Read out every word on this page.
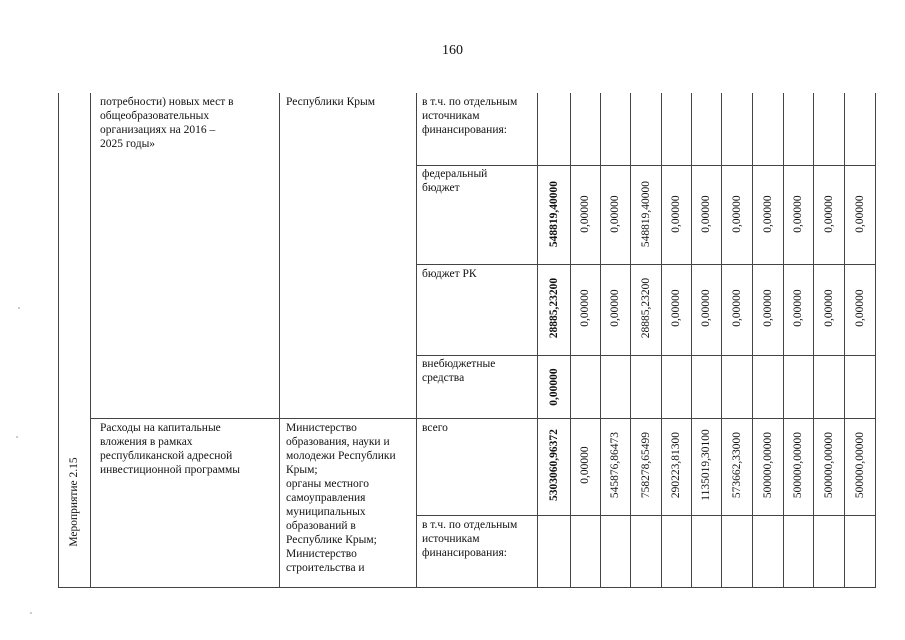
160
потребности) новых мест в
общеобразовательных
организациях на 2016 –
2025 годы»
Республики Крым	в т.ч. по отдельным
источникам
финансирования:
федеральный
бюджет
бюджет РК
внебюджетные
средства
548819,40000 0,00000 0,00000 548819,40000 0,00000 0,00000 0,00000 0,00000 0,00000 0,00000 0,00000
28885,23200 0,00000 0,00000 28885,23200 0,00000 0,00000 0,00000 0,00000 0,00000 0,00000 0,00000
0,00000
Мероприятие 2.15
Расходы на капитальные
вложения в рамках
республиканской адресной
инвестиционной программы
Министерство
образования, науки и
молодежи Республики
Крым;
органы местного
самоуправления
муниципальных
образований в
Республике Крым;
Министерство
строительства и
всего
в т.ч. по отдельным
источникам
финансирования:
5303060,96372 0,00000 545876,86473 758278,65499 290223,81300 1135019,30100 573662,33000 500000,00000 500000,00000 500000,00000 500000,00000
